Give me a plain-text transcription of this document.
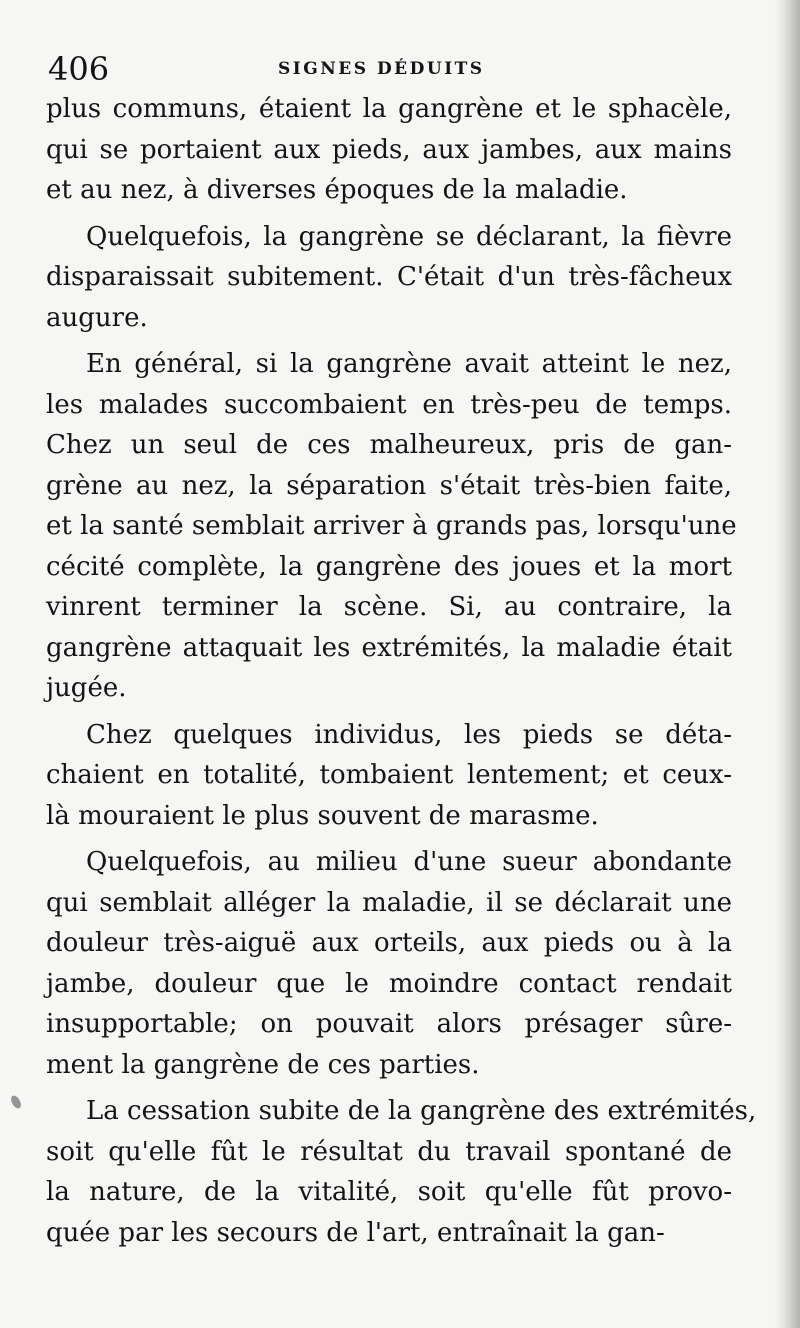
406	SIGNES DÉDUITS
plus communs, étaient la gangrène et le sphacèle,
qui se portaient aux pieds, aux jambes, aux mains
et au nez, à diverses époques de la maladie.
Quelquefois, la gangrène se déclarant, la fièvre
disparaissait subitement. C'était d'un très-fâcheux
augure.
En général, si la gangrène avait atteint le nez,
les malades succombaient en très-peu de temps.
Chez un seul de ces malheureux, pris de gan-
grène au nez, la séparation s'était très-bien faite,
et la santé semblait arriver à grands pas, lorsqu'une
cécité complète, la gangrène des joues et la mort
vinrent terminer la scène. Si, au contraire, la
gangrène attaquait les extrémités, la maladie était
jugée.
Chez quelques individus, les pieds se déta-
chaient en totalité, tombaient lentement; et ceux-
là mouraient le plus souvent de marasme.
Quelquefois, au milieu d'une sueur abondante
qui semblait alléger la maladie, il se déclarait une
douleur très-aiguë aux orteils, aux pieds ou à la
jambe, douleur que le moindre contact rendait
insupportable; on pouvait alors présager sûre-
ment la gangrène de ces parties.
La cessation subite de la gangrène des extrémités,
soit qu'elle fût le résultat du travail spontané de
la nature, de la vitalité, soit qu'elle fût provo-
quée par les secours de l'art, entraînait la gan-
